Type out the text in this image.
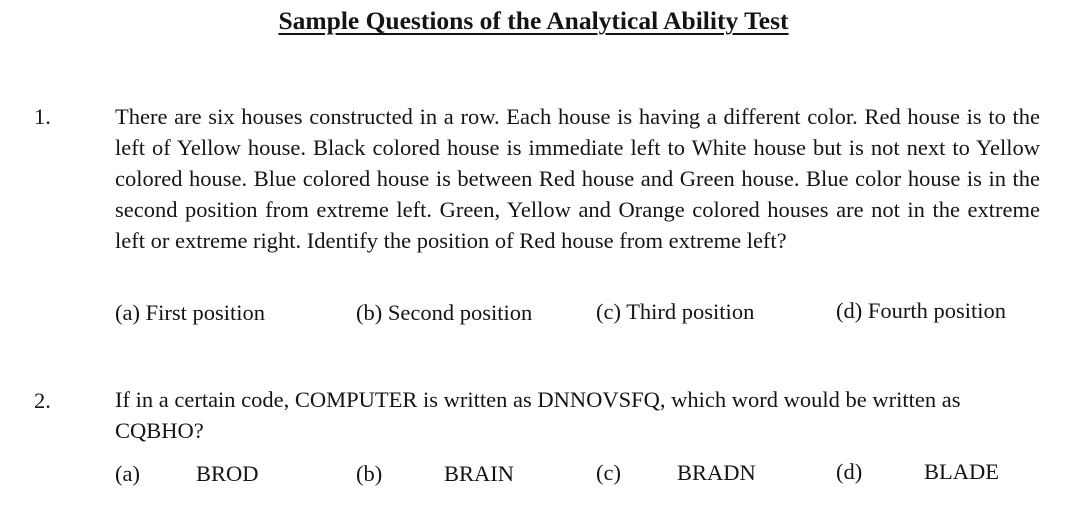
Sample Questions of the Analytical Ability Test
1.	There are six houses constructed in a row. Each house is having a different color. Red house is to the left of Yellow house. Black colored house is immediate left to White house but is not next to Yellow colored house. Blue colored house is between Red house and Green house. Blue color house is in the second position from extreme left. Green, Yellow and Orange colored houses are not in the extreme left or extreme right. Identify the position of Red house from extreme left?
(a) First position	(b) Second position	(c) Third position	(d) Fourth position
2.	If in a certain code, COMPUTER is written as DNNOVSFQ, which word would be written as CQBHO?
(a) BROD	(b)	BRAIN	(c) BRADN	(d)	BLADE
